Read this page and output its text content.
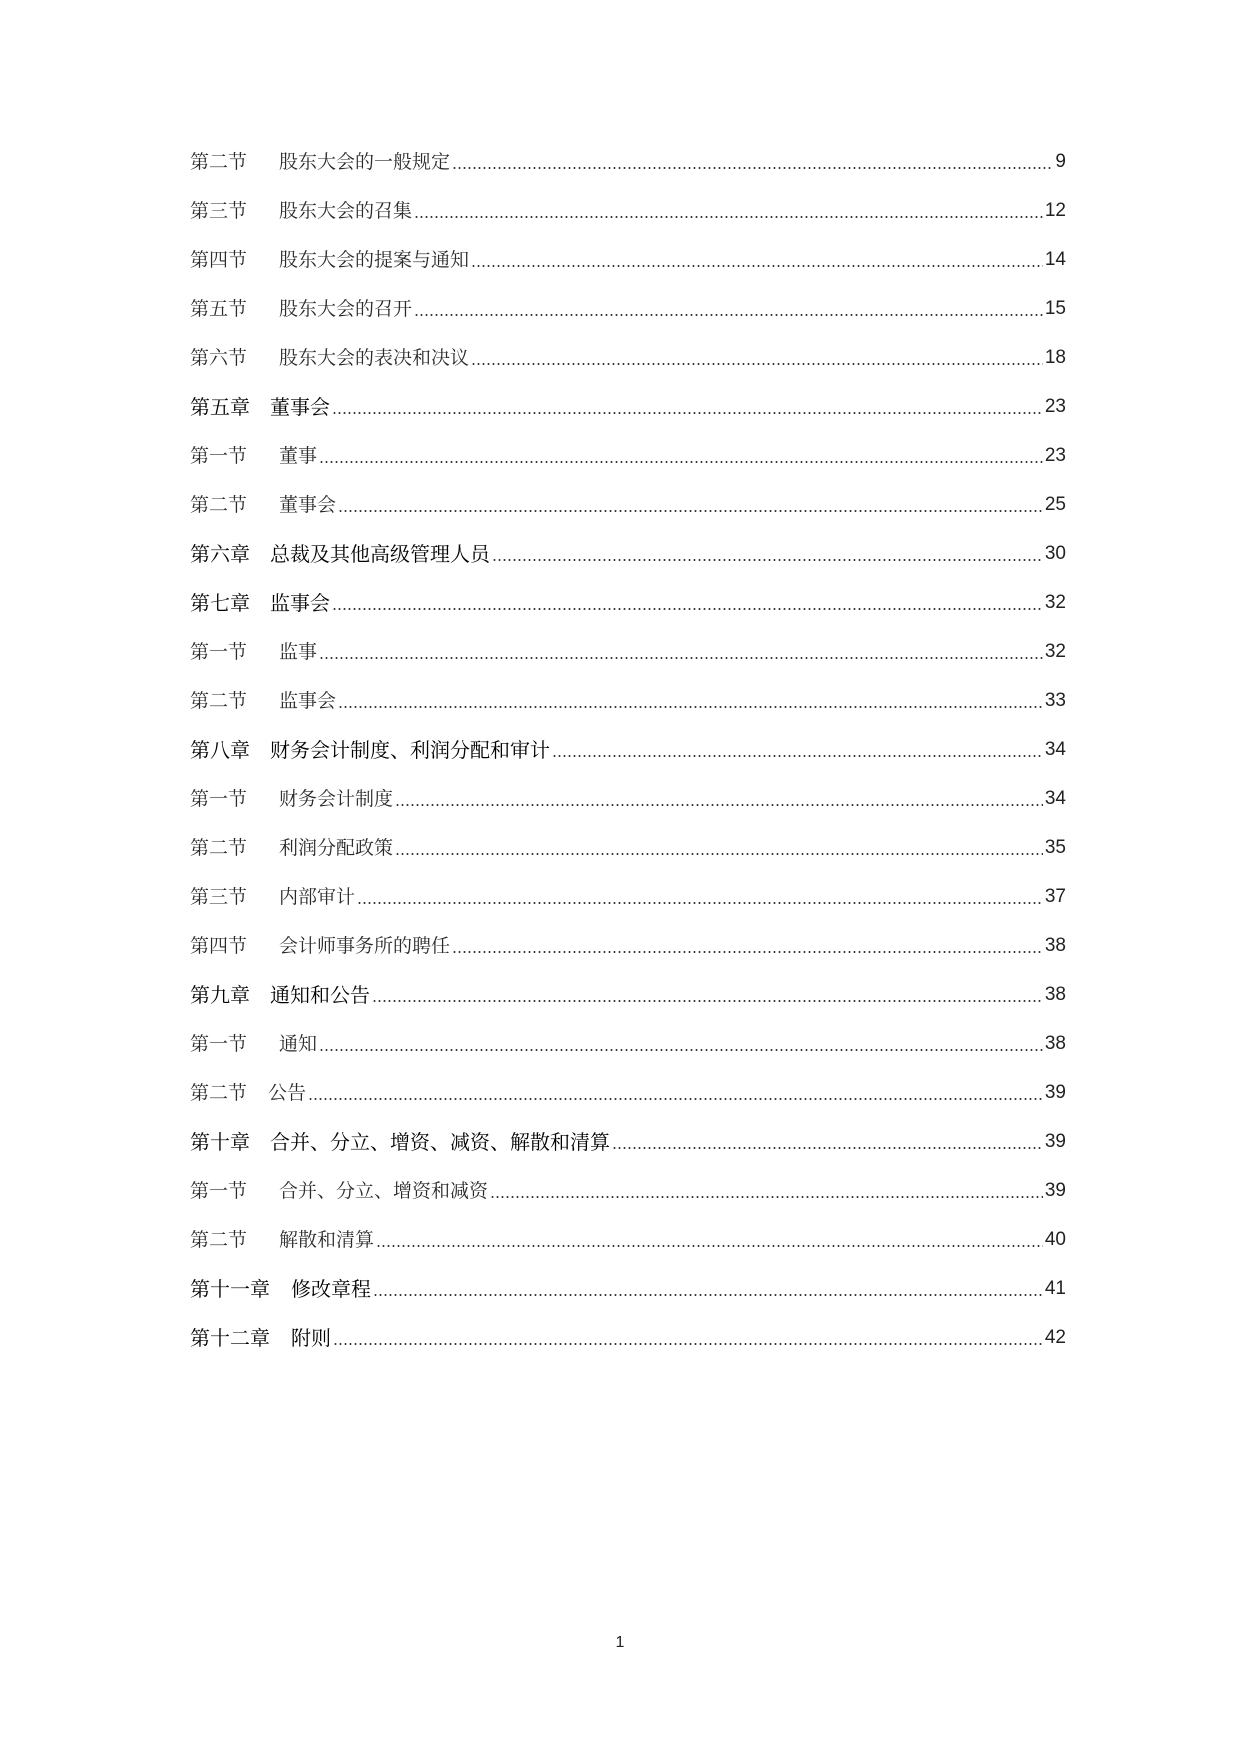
第二节	股东大会的一般规定	9
第三节	股东大会的召集	12
第四节	股东大会的提案与通知	14
第五节	股东大会的召开	15
第六节	股东大会的表决和决议	18
第五章	董事会	23
第一节	董事	23
第二节	董事会	25
第六章	总裁及其他高级管理人员	30
第七章	监事会	32
第一节	监事	32
第二节	监事会	33
第八章	财务会计制度、利润分配和审计	34
第一节	财务会计制度	34
第二节	利润分配政策	35
第三节	内部审计	37
第四节	会计师事务所的聘任	38
第九章	通知和公告	38
第一节	通知	38
第二节	公告	39
第十章	合并、分立、增资、减资、解散和清算	39
第一节	合并、分立、增资和减资	39
第二节	解散和清算	40
第十一章	修改章程	41
第十二章	附则	42
1
